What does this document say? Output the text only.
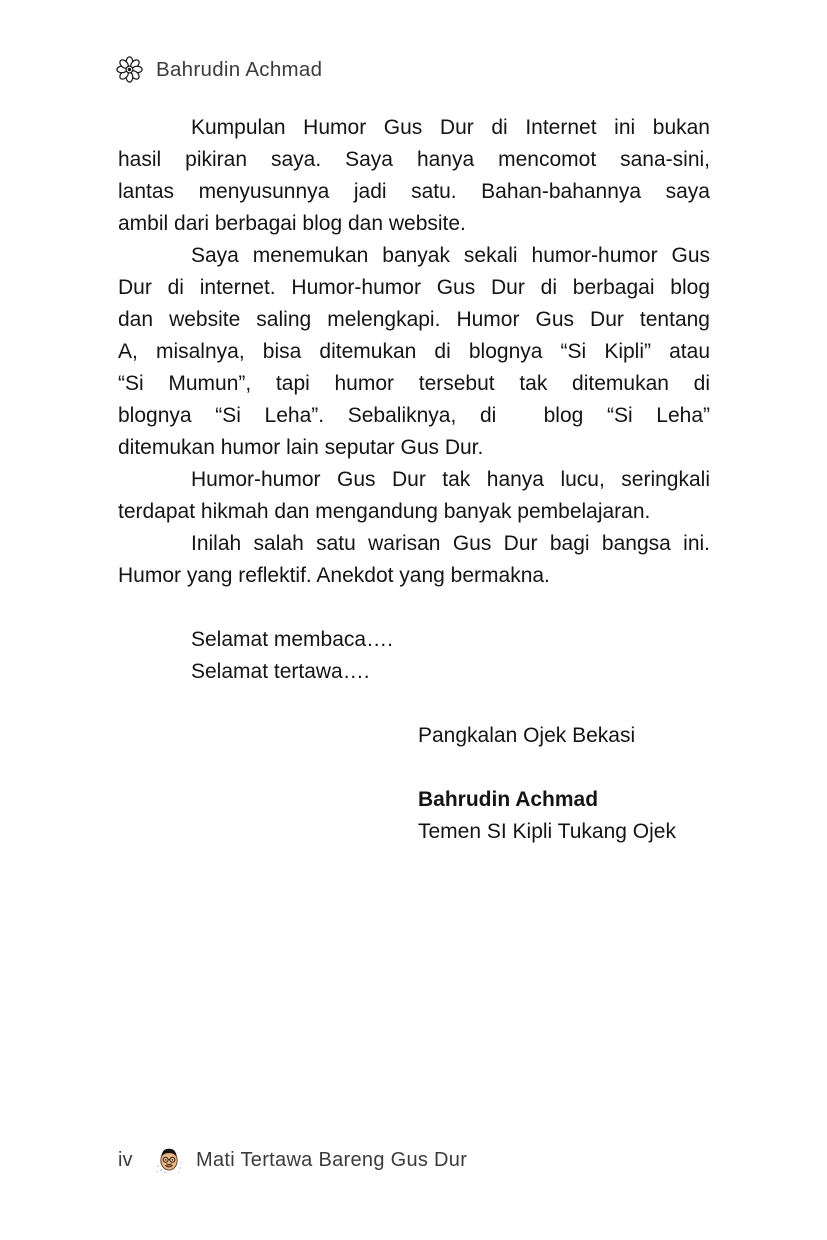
Bahrudin Achmad
Kumpulan Humor Gus Dur di Internet ini bukan
hasil pikiran saya. Saya hanya mencomot sana-sini,
lantas menyusunnya jadi satu. Bahan-bahannya saya
ambil dari berbagai blog dan website.
Saya menemukan banyak sekali humor-humor Gus
Dur di internet. Humor-humor Gus Dur di berbagai blog
dan website saling melengkapi. Humor Gus Dur tentang
A, misalnya, bisa ditemukan di blognya “Si Kipli” atau
“Si Mumun”, tapi humor tersebut tak ditemukan di
blognya “Si Leha”. Sebaliknya, di  blog “Si Leha”
ditemukan humor lain seputar Gus Dur.
Humor-humor Gus Dur tak hanya lucu, seringkali
terdapat hikmah dan mengandung banyak pembelajaran.
Inilah salah satu warisan Gus Dur bagi bangsa ini.
Humor yang reflektif. Anekdot yang bermakna.
Selamat membaca….
Selamat tertawa….
Pangkalan Ojek Bekasi
Bahrudin Achmad
Temen SI Kipli Tukang Ojek
iv	Mati Tertawa Bareng Gus Dur
